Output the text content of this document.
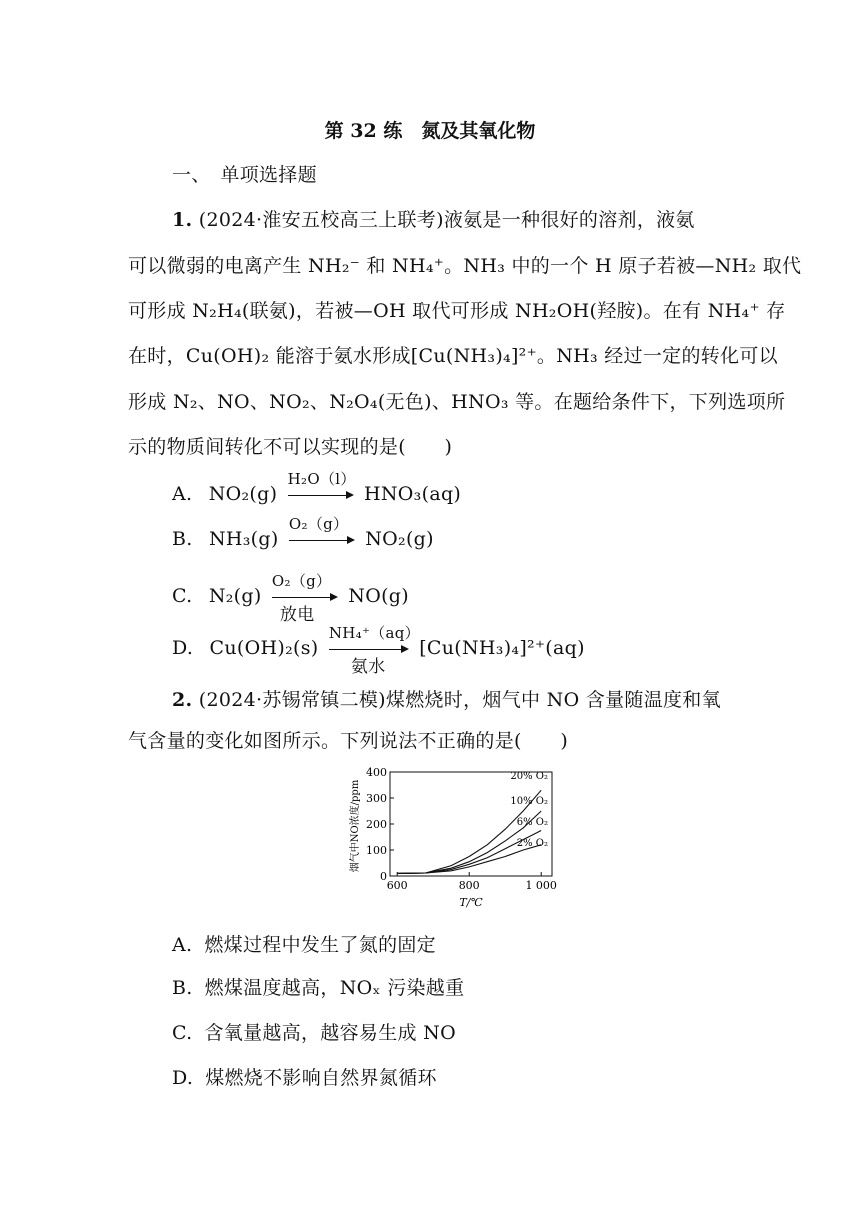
第 32 练　氮及其氧化物
一、　单项选择题
1. (2024·淮安五校高三上联考)液氨是一种很好的溶剂，液氨
可以微弱的电离产生 NH₂⁻ 和 NH₄⁺。NH₃ 中的一个 H 原子若被—NH₂ 取代
可形成 N₂H₄(联氨)，若被—OH 取代可形成 NH₂OH(羟胺)。在有 NH₄⁺ 存
在时，Cu(OH)₂ 能溶于氨水形成[Cu(NH₃)₄]²⁺。NH₃ 经过一定的转化可以
形成 N₂、NO、NO₂、N₂O₄(无色)、HNO₃ 等。在题给条件下，下列选项所
示的物质间转化不可以实现的是(　　)
A. NO₂(g)
H₂O（l）
HNO₃(aq)
B. NH₃(g)
O₂（g）
NO₂(g)
C. N₂(g)
O₂（g）
放电
NO(g)
D. Cu(OH)₂(s)
NH₄⁺（aq）
氨水
[Cu(NH₃)₄]²⁺(aq)
2. (2024·苏锡常镇二模)煤燃烧时，烟气中 NO 含量随温度和氧
气含量的变化如图所示。下列说法不正确的是(　　)
0
100
200
300
400
600	800	1 000
20% O₂
10% O₂
6% O₂
2% O₂
烟气中NO浓度/ppm
T/℃
A. 燃煤过程中发生了氮的固定
B. 燃煤温度越高，NOₓ 污染越重
C. 含氧量越高，越容易生成 NO
D. 煤燃烧不影响自然界氮循环
